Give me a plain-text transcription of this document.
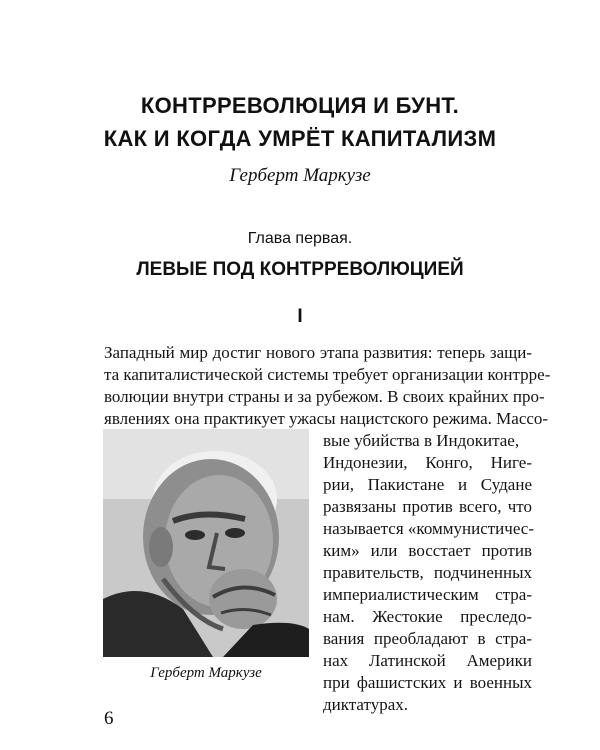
КОНТРРЕВОЛЮЦИЯ И БУНТ.
КАК И КОГДА УМРЁТ КАПИТАЛИЗМ
Герберт Маркузе
Глава первая.
ЛЕВЫЕ ПОД КОНТРРЕВОЛЮЦИЕЙ
I
Западный мир достиг нового этапа развития: теперь защи-
та капиталистической системы требует организации контрре-
волюции внутри страны и за рубежом. В своих крайних про-
явлениях она практикует ужасы нацистского режима. Массо-
вые убийства в Индокитае,
Индонезии, Конго, Ниге-
рии, Пакистане и Судане
развязаны против всего, что
называется «коммунистичес-
ким» или восстает против
правительств, подчиненных
империалистическим стра-
нам. Жестокие преследо-
вания преобладают в стра-
нах Латинской Америки
при фашистских и военных
диктатурах.
Герберт Маркузе
6
